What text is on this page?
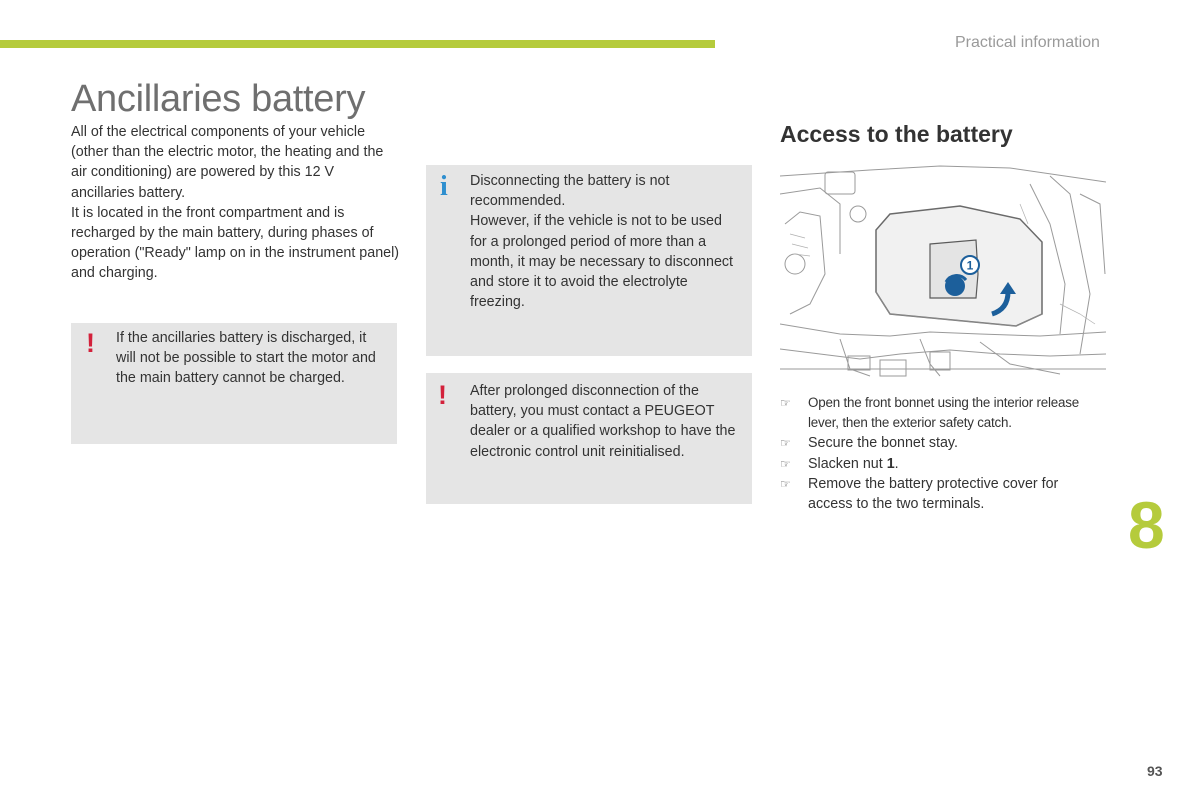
Practical information
Ancillaries battery

All of the electrical components of your vehicle (other than the electric motor, the heating and the air conditioning) are powered by this 12 V ancillaries battery.

It is located in the front compartment and is recharged by the main battery, during phases of operation ("Ready" lamp on in the instrument panel) and charging.

! If the ancillaries battery is discharged, it will not be possible to start the motor and the main battery cannot be charged.
i Disconnecting the battery is not recommended.

However, if the vehicle is not to be used for a prolonged period of more than a month, it may be necessary to disconnect and store it to avoid the electrolyte freezing.

! After prolonged disconnection of the battery, you must contact a PEUGEOT dealer or a qualified workshop to have the electronic control unit reinitialised.
Access to the battery
1
☞ Open the front bonnet using the interior release lever, then the exterior safety catch.
☞ Secure the bonnet stay.
☞ Slacken nut 1.
☞ Remove the battery protective cover for access to the two terminals.	8
93
